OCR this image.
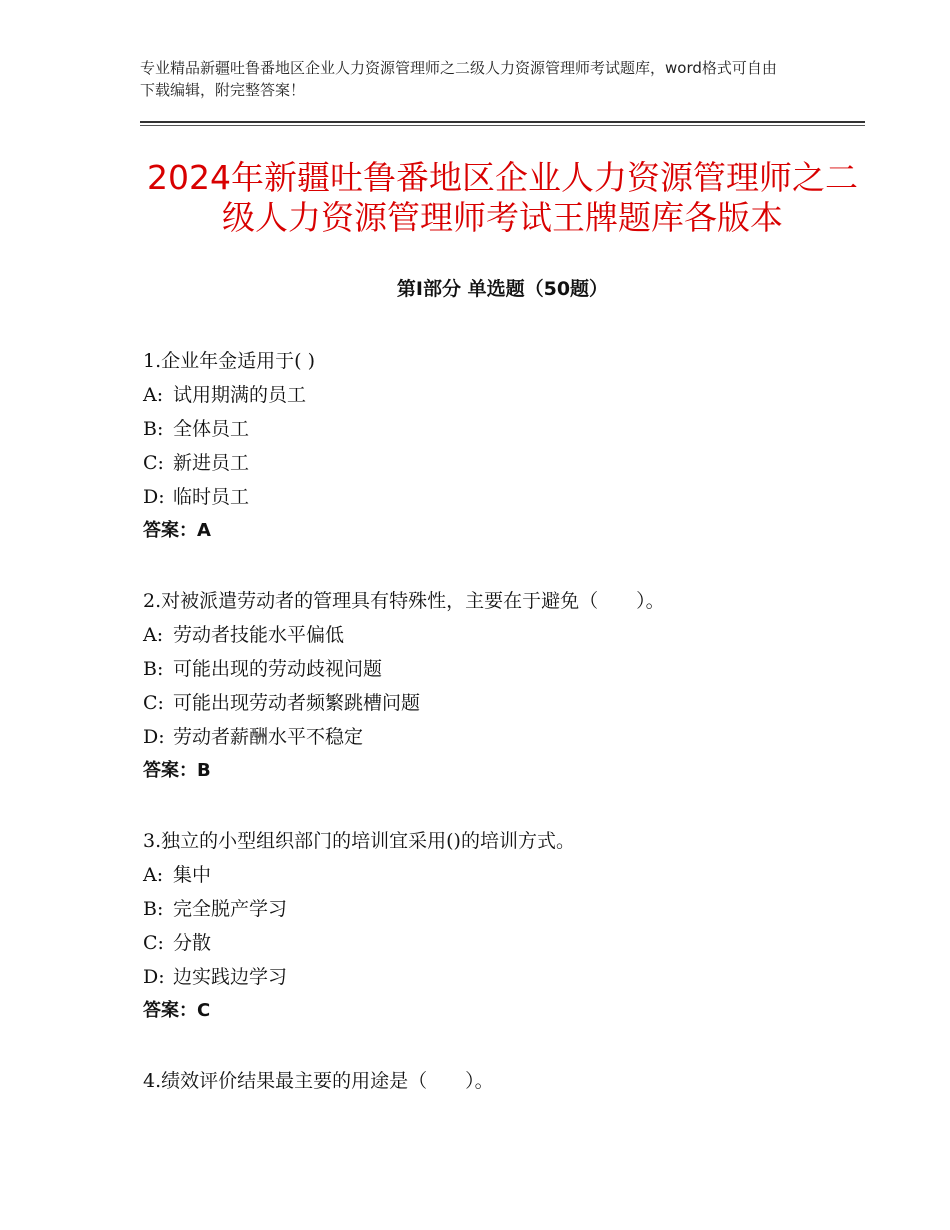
专业精品新疆吐鲁番地区企业人力资源管理师之二级人力资源管理师考试题库，word格式可自由下载编辑，附完整答案！
2024年新疆吐鲁番地区企业人力资源管理师之二级人力资源管理师考试王牌题库各版本
第Ⅰ部分 单选题（50题）
1.企业年金适用于( )
A: 试用期满的员工
B: 全体员工
C: 新进员工
D: 临时员工
答案：A
2.对被派遣劳动者的管理具有特殊性，主要在于避免（　　）。
A: 劳动者技能水平偏低
B: 可能出现的劳动歧视问题
C: 可能出现劳动者频繁跳槽问题
D: 劳动者薪酬水平不稳定
答案：B
3.独立的小型组织部门的培训宜采用()的培训方式。
A: 集中
B: 完全脱产学习
C: 分散
D: 边实践边学习
答案：C
4.绩效评价结果最主要的用途是（　　）。
